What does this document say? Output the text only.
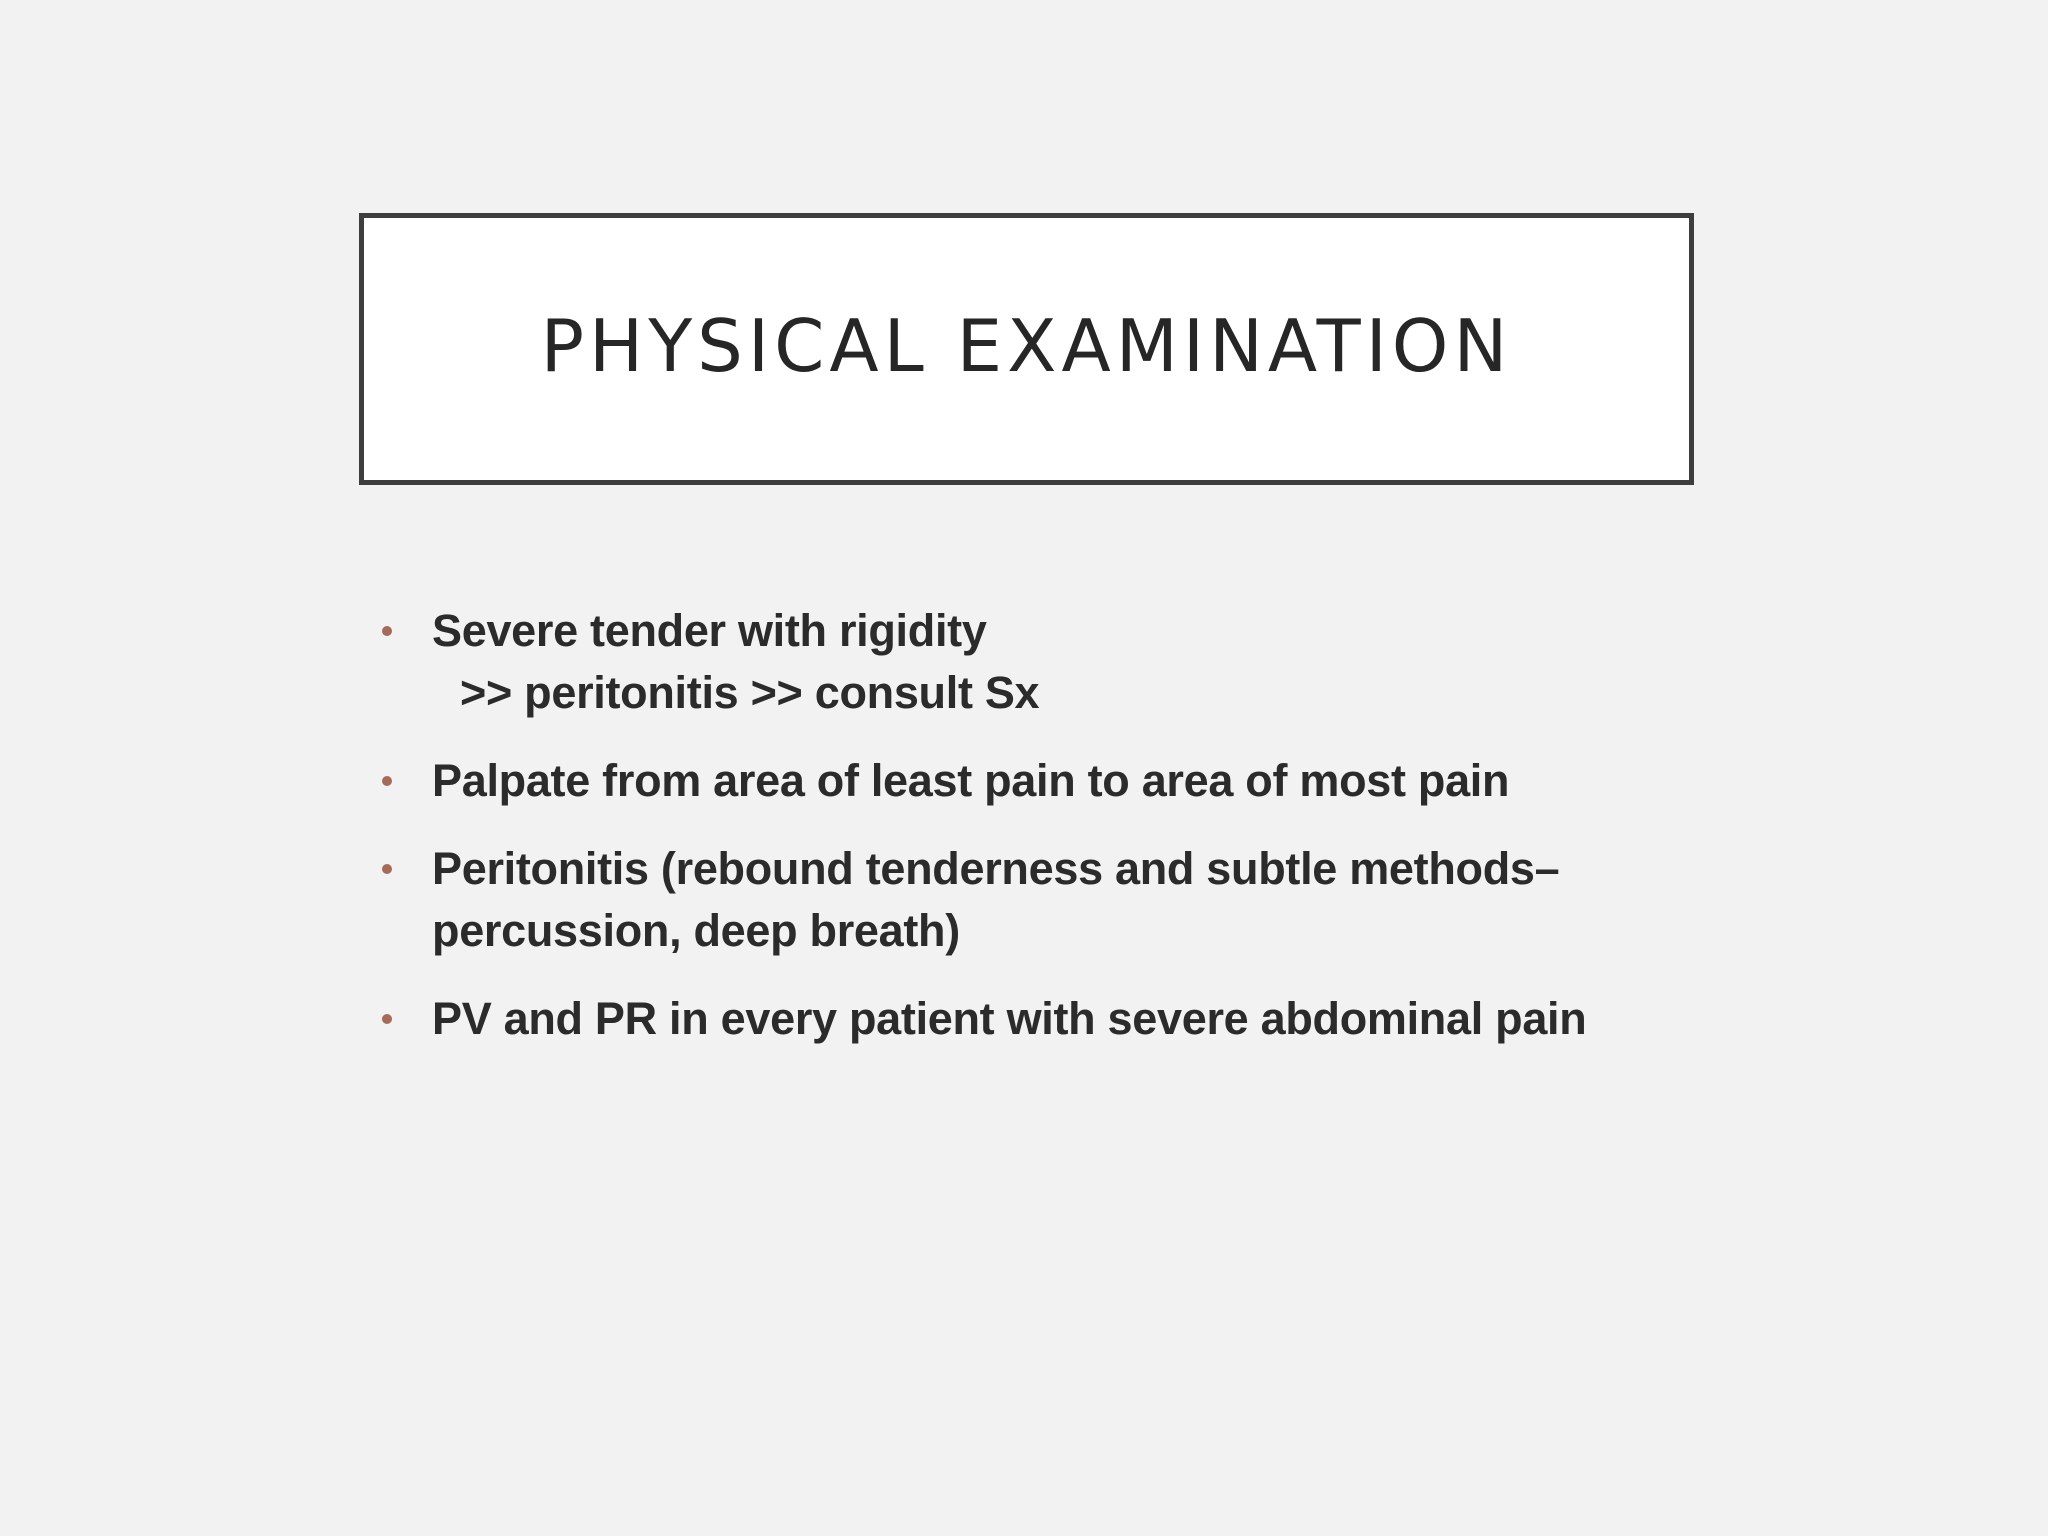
PHYSICAL EXAMINATION
Severe tender with rigidity
>> peritonitis >> consult Sx
Palpate from area of least pain to area of most pain
Peritonitis (rebound tenderness and subtle methods– percussion, deep breath)
PV and PR in every patient with severe abdominal pain
